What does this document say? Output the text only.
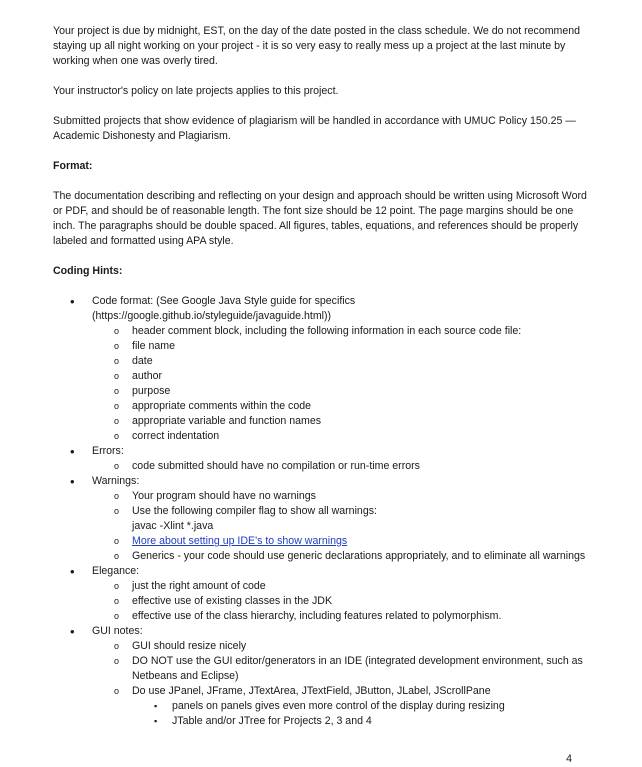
Your project is due by midnight, EST, on the day of the date posted in the class schedule. We do not recommend staying up all night working on your project - it is so very easy to really mess up a project at the last minute by working when one was overly tired.

Your instructor's policy on late projects applies to this project.

Submitted projects that show evidence of plagiarism will be handled in accordance with UMUC Policy 150.25 — Academic Dishonesty and Plagiarism.

Format:

The documentation describing and reflecting on your design and approach should be written using Microsoft Word or PDF, and should be of reasonable length. The font size should be 12 point. The page margins should be one inch. The paragraphs should be double spaced. All figures, tables, equations, and references should be properly labeled and formatted using APA style.

Coding Hints:
• Code format: (See Google Java Style guide for specifics (https://google.github.io/styleguide/javaguide.html))
o header comment block, including the following information in each source code file:
o file name
o date
o author
o purpose
o appropriate comments within the code
o appropriate variable and function names
o correct indentation
• Errors:
o code submitted should have no compilation or run-time errors
• Warnings:
o Your program should have no warnings
o Use the following compiler flag to show all warnings:
javac -Xlint *.java
o More about setting up IDE's to show warnings
o Generics - your code should use generic declarations appropriately, and to eliminate all warnings
• Elegance:
o just the right amount of code
o effective use of existing classes in the JDK
o effective use of the class hierarchy, including features related to polymorphism.
• GUI notes:
o GUI should resize nicely
o DO NOT use the GUI editor/generators in an IDE (integrated development environment, such as Netbeans and Eclipse)
o Do use JPanel, JFrame, JTextArea, JTextField, JButton, JLabel, JScrollPane
▪ panels on panels gives even more control of the display during resizing
▪ JTable and/or JTree for Projects 2, 3 and 4
4
